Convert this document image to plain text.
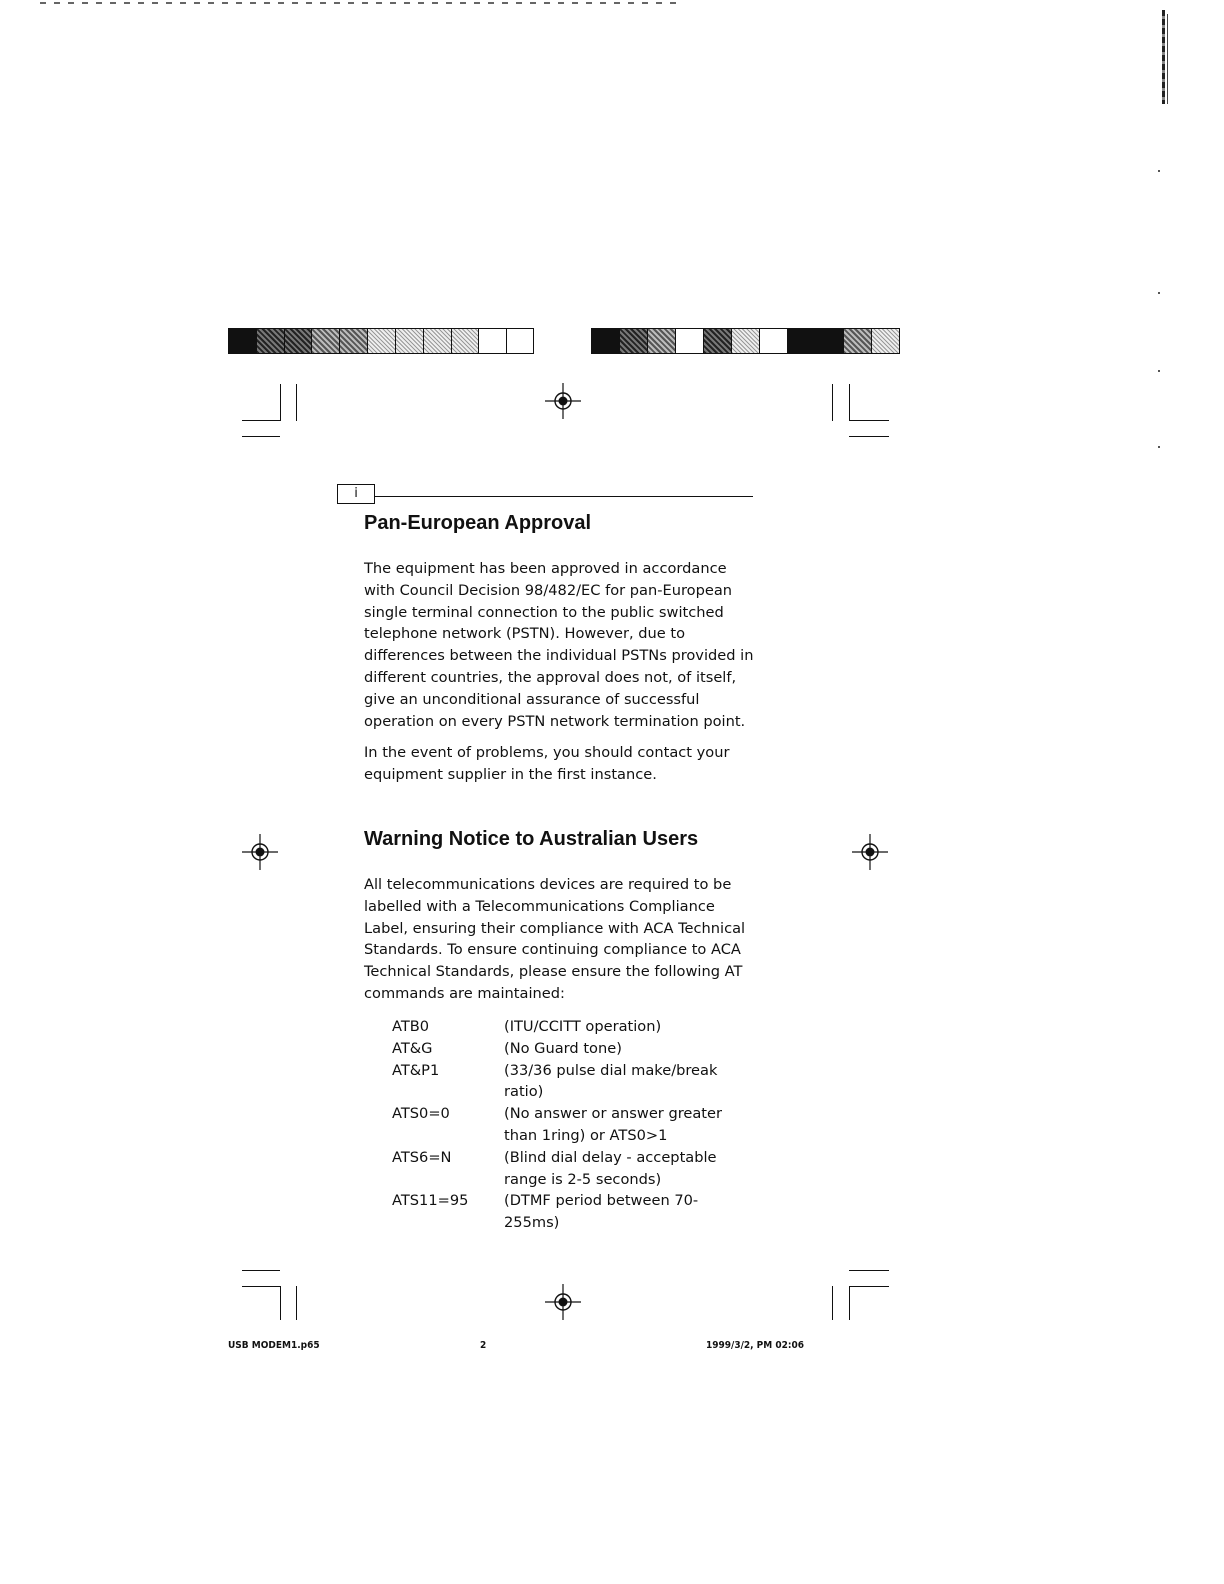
i
Pan-European Approval

The equipment has been approved in accordance with Council Decision 98/482/EC for pan-European single terminal connection to the public switched telephone network (PSTN). However, due to differences between the individual PSTNs provided in different countries, the approval does not, of itself, give an unconditional assurance of successful operation on every PSTN network termination point.

In the event of problems, you should contact your equipment supplier in the first instance.

Warning Notice to Australian Users

All telecommunications devices are required to be labelled with a Telecommunications Compliance Label, ensuring their compliance with ACA Technical Standards. To ensure continuing compliance to ACA Technical Standards, please ensure the following AT commands are maintained:

ATB0	(ITU/CCITT operation)
AT&G	(No Guard tone)
AT&P1	(33/36 pulse dial make/break ratio)
ATS0=0	(No answer or answer greater than 1ring) or ATS0>1
ATS6=N	(Blind dial delay - acceptable range is 2-5 seconds)
ATS11=95	(DTMF period between 70-255ms)
USB MODEM1.p65	2	1999/3/2, PM 02:06
